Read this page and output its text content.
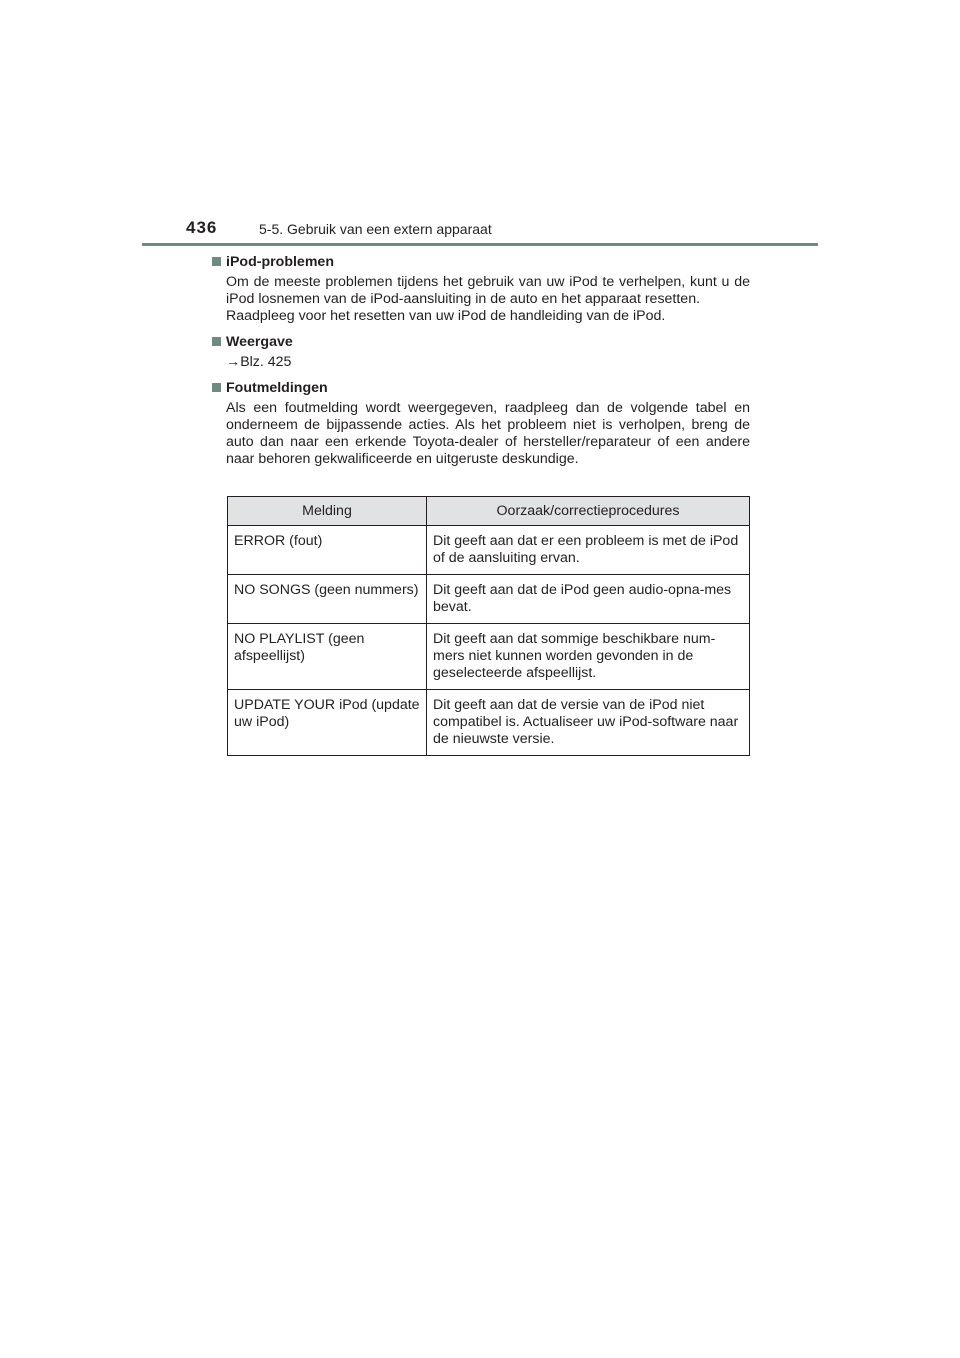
436	5-5. Gebruik van een extern apparaat
iPod-problemen
Om de meeste problemen tijdens het gebruik van uw iPod te verhelpen, kunt u de iPod losnemen van de iPod-aansluiting in de auto en het apparaat resetten.
Raadpleeg voor het resetten van uw iPod de handleiding van de iPod.
Weergave
→Blz. 425
Foutmeldingen
Als een foutmelding wordt weergegeven, raadpleeg dan de volgende tabel en onderneem de bijpassende acties. Als het probleem niet is verholpen, breng de auto dan naar een erkende Toyota-dealer of hersteller/reparateur of een andere naar behoren gekwalificeerde en uitgeruste deskundige.
Melding	Oorzaak/correctieprocedures
ERROR (fout)	Dit geeft aan dat er een probleem is met de iPod of de aansluiting ervan.
NO SONGS (geen nummers)	Dit geeft aan dat de iPod geen audio-opna-mes bevat.
NO PLAYLIST (geen afspeellijst)	Dit geeft aan dat sommige beschikbare num-mers niet kunnen worden gevonden in de geselecteerde afspeellijst.
UPDATE YOUR iPod (update uw iPod)	Dit geeft aan dat de versie van de iPod niet compatibel is. Actualiseer uw iPod-software naar de nieuwste versie.
